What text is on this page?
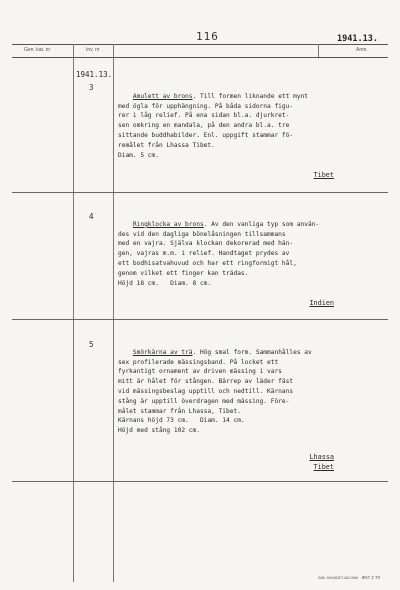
116	1941.13.
Gen. kat. nr	Inv. nr	Anm.
1941.13.
3

Amulett av brons. Till formen liknande ett mynt
med ögla för upphängning. På båda sidorna figu-
rer i låg relief. På ena sidan bl.a. djurkret-
sen omkring en mandala, på den andra bl.a. tre
sittande buddhabilder. Enl. uppgift stammar fö-
remålet från Lhassa Tibet.
Diam. 5 cm.

Tibet
4

Ringklocka av brons. Av den vanliga typ som använ-
des vid den dagliga bönelåsningen tillsammans
med en vajra. Själva klockan dekorerad med hän-
gen, vajras m.m. i relief. Handtaget prydes av
ett bodhisatvahuvud och har ett ringformigt hål,
genom vilket ett finger kan trädas.
Höjd 18 cm.   Diam. 8 cm.

Indien
5

Smörkärna av trä. Hög smal form. Sammanhålles av
sex profilerade mässingsband. På locket ett
fyrkantigt ornament av driven mässing i vars
mitt är hålet för stången. Bärrep av läder fäst
vid mässingsbeslag upptill och nedtill. Kärnans
stång är upptill överdragen med mässing. Före-
målet stammar från Lhassa, Tibet.
Kärnans höjd 73 cm.   Diam. 14 cm.
Höjd med stång 102 cm.

Lhassa
Tibet
GML-SKANDET-AB-1968 8N7 2 70
